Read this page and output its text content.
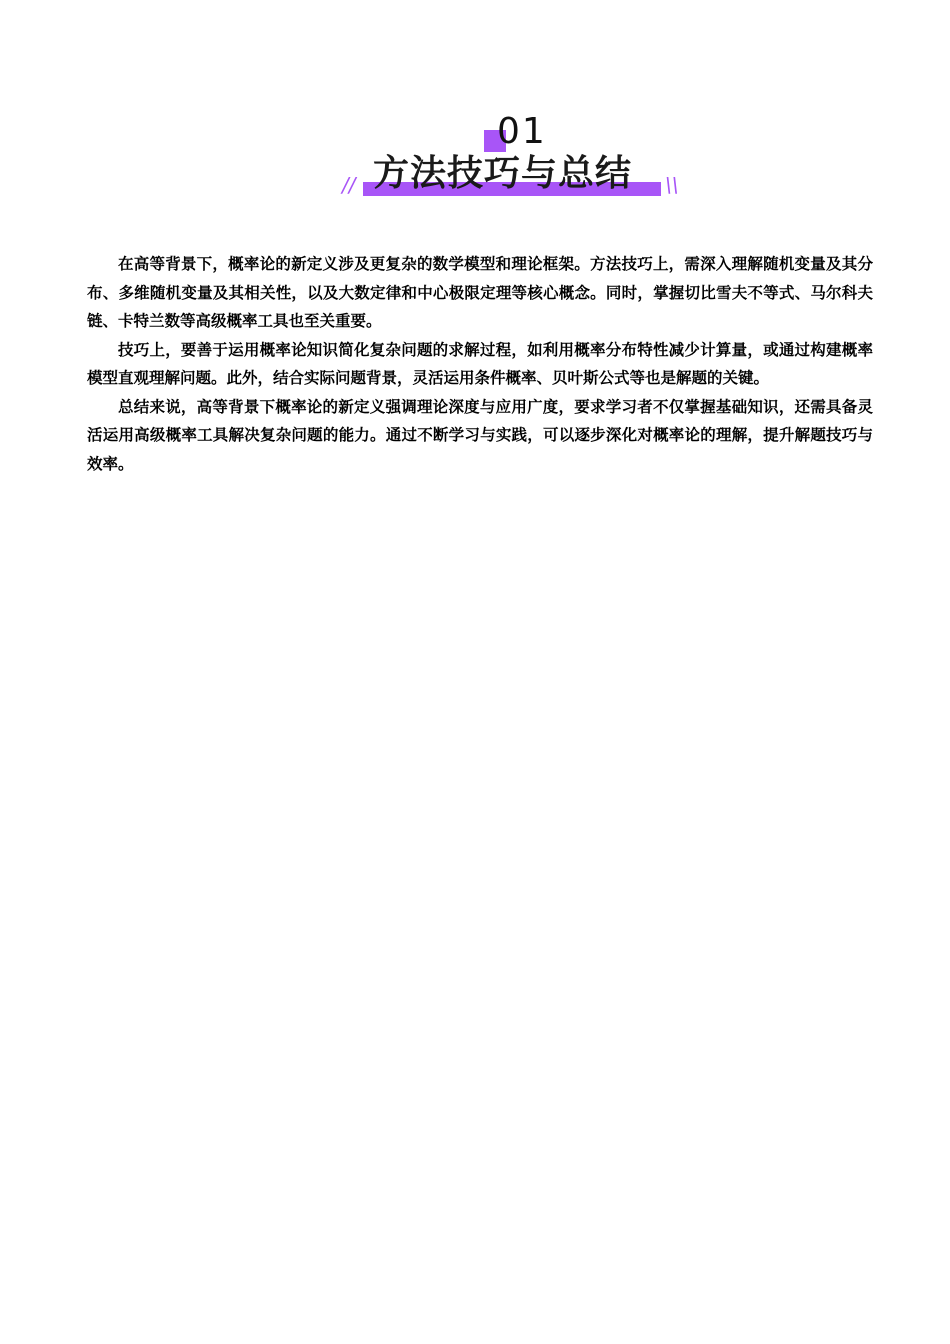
01
// 方法技巧与总结 \\

在高等背景下，概率论的新定义涉及更复杂的数学模型和理论框架。方法技巧上，需深入理解随机变量及其分布、多维随机变量及其相关性，以及大数定律和中心极限定理等核心概念。同时，掌握切比雪夫不等式、马尔科夫链、卡特兰数等高级概率工具也至关重要。

技巧上，要善于运用概率论知识简化复杂问题的求解过程，如利用概率分布特性减少计算量，或通过构建概率模型直观理解问题。此外，结合实际问题背景，灵活运用条件概率、贝叶斯公式等也是解题的关键。

总结来说，高等背景下概率论的新定义强调理论深度与应用广度，要求学习者不仅掌握基础知识，还需具备灵活运用高级概率工具解决复杂问题的能力。通过不断学习与实践，可以逐步深化对概率论的理解，提升解题技巧与效率。
